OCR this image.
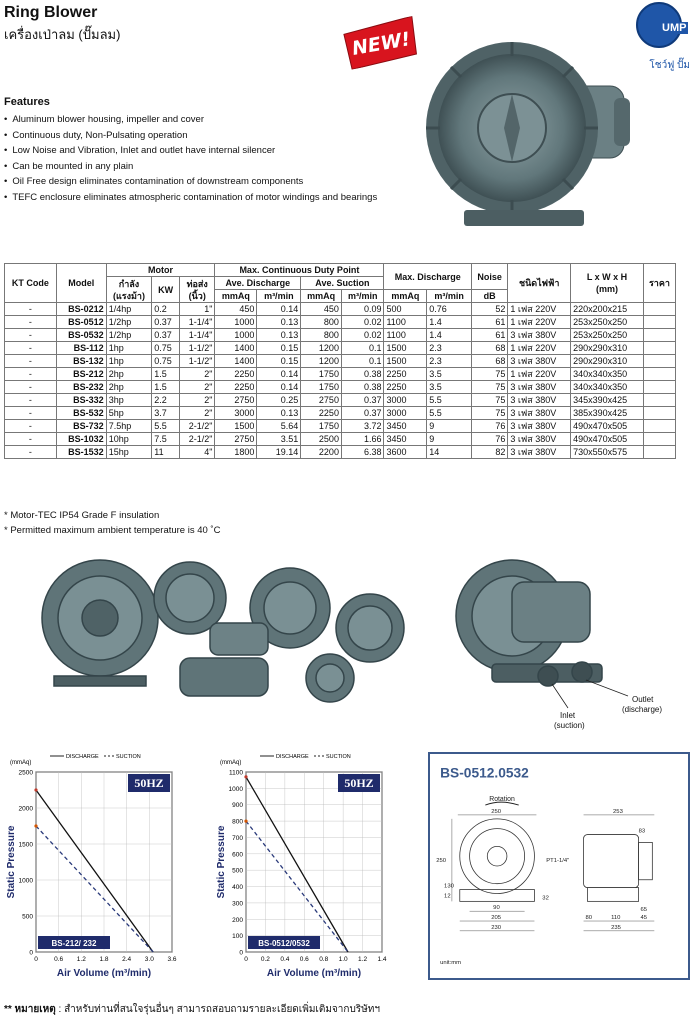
Ring Blower
เครื่องเป่าลม (ปั๊มลม)	NEW!
UMP
โชว์ฟู ปั๊ม
Features
• Aluminum blower housing, impeller and cover
• Continuous duty, Non-Pulsating operation
• Low Noise and Vibration, Inlet and outlet have internal silencer
• Can be mounted in any plain
• Oil Free design eliminates contamination of downstream components
• TEFC enclosure eliminates atmospheric contamination of motor windings and bearings
KT Code	Model	Motor			Max. Continuous Duty Point				Max. Discharge		Noise	ชนิดไฟฟ้า	L x W x H
(mm)	ราคา
		กำลัง
(แรงม้า)	KW	ท่อส่ง
(นิ้ว)	Ave. Discharge		Ave. Suction							
					mmAq	m³/min	mmAq	m³/min	mmAq	m³/min	dB			
-	BS-0212	1/4hp	0.2	1"	450	0.14	450	0.09	500	0.76	52	1 เฟส 220V	220x200x215	
-	BS-0512	1/2hp	0.37	1-1/4"	1000	0.13	800	0.02	1100	1.4	61	1 เฟส 220V	253x250x250	
-	BS-0532	1/2hp	0.37	1-1/4"	1000	0.13	800	0.02	1100	1.4	61	3 เฟส 380V	253x250x250	
-	BS-112	1hp	0.75	1-1/2"	1400	0.15	1200	0.1	1500	2.3	68	1 เฟส 220V	290x290x310	
-	BS-132	1hp	0.75	1-1/2"	1400	0.15	1200	0.1	1500	2.3	68	3 เฟส 380V	290x290x310	
-	BS-212	2hp	1.5	2"	2250	0.14	1750	0.38	2250	3.5	75	1 เฟส 220V	340x340x350	
-	BS-232	2hp	1.5	2"	2250	0.14	1750	0.38	2250	3.5	75	3 เฟส 380V	340x340x350	
-	BS-332	3hp	2.2	2"	2750	0.25	2750	0.37	3000	5.5	75	3 เฟส 380V	345x390x425	
-	BS-532	5hp	3.7	2"	3000	0.13	2250	0.37	3000	5.5	75	3 เฟส 380V	385x390x425	
-	BS-732	7.5hp	5.5	2-1/2"	1500	5.64	1750	3.72	3450	9	76	3 เฟส 380V	490x470x505	
-	BS-1032	10hp	7.5	2-1/2"	2750	3.51	2500	1.66	3450	9	76	3 เฟส 380V	490x470x505	
-	BS-1532	15hp	11	4"	1800	19.14	2200	6.38	3600	14	82	3 เฟส 380V	730x550x575	
* Motor-TEC IP54 Grade F insulation
* Permitted maximum ambient temperature is 40 ˚C
Outlet
(discharge)
Inlet
(suction)
0	0.6 1.2 1.8 2.4 3.0 3.6
0
500
1000
1500
2000
2500
(mmAq)
DISCHARGE	SUCTION
50HZ
BS-212/ 232
Static Pressure
Air Volume (m³/min)
0 0.2 0.4 0.6 0.8 1.0 1.2 1.4
0
100
200
300
400
500
600
700
800
900
1000
1100
(mmAq)
DISCHARGE	SUCTION
50HZ
BS-0512/0532
Static Pressure
Air Volume (m³/min)
BS-0512.0532
Rotation
250
250
130
12
90
205
230
253
32
83
65
80	110	45
235
PT1-1/4"
unit:mm
** หมายเหตุ : สำหรับท่านที่สนใจรุ่นอื่นๆ สามารถสอบถามรายละเอียดเพิ่มเติมจากบริษัทฯ
